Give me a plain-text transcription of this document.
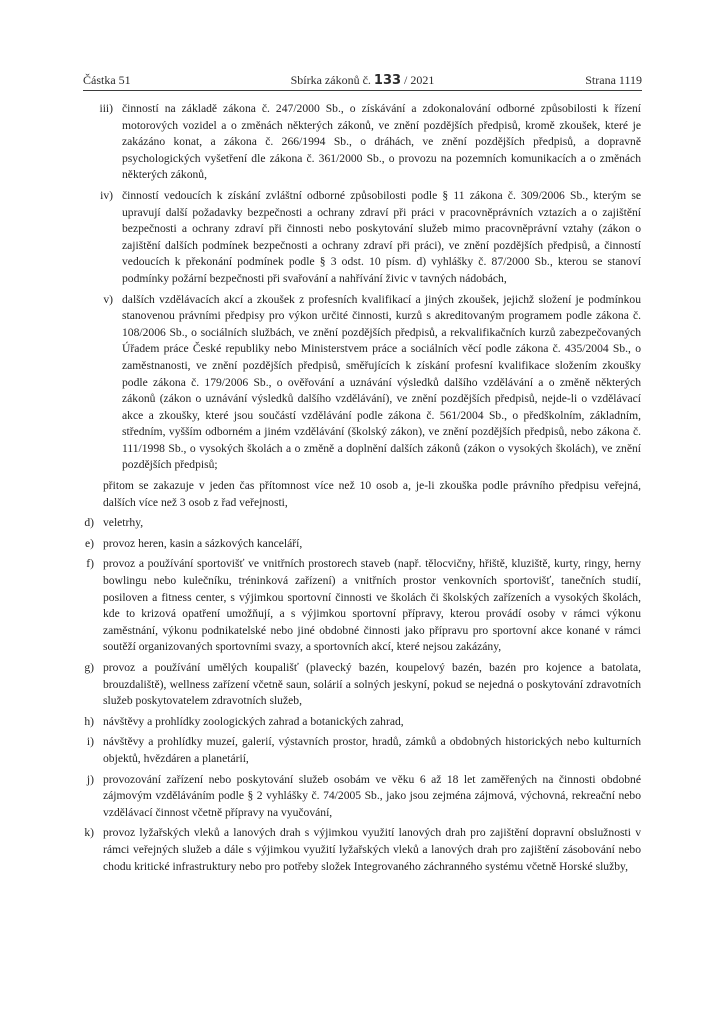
Částka 51	Sbírka zákonů č. 133 / 2021	Strana 1119
iii) činností na základě zákona č. 247/2000 Sb., o získávání a zdokonalování odborné způsobilosti k řízení motorových vozidel a o změnách některých zákonů, ve znění pozdějších předpisů, kromě zkoušek, které je zakázáno konat, a zákona č. 266/1994 Sb., o dráhách, ve znění pozdějších předpisů, a dopravně psychologických vyšetření dle zákona č. 361/2000 Sb., o provozu na pozemních komunikacích a o změnách některých zákonů,
iv) činností vedoucích k získání zvláštní odborné způsobilosti podle § 11 zákona č. 309/2006 Sb., kterým se upravují další požadavky bezpečnosti a ochrany zdraví při práci v pracovněprávních vztazích a o zajištění bezpečnosti a ochrany zdraví při činnosti nebo poskytování služeb mimo pracovněprávní vztahy (zákon o zajištění dalších podmínek bezpečnosti a ochrany zdraví při práci), ve znění pozdějších předpisů, a činností vedoucích k překonání podmínek podle § 3 odst. 10 písm. d) vyhlášky č. 87/2000 Sb., kterou se stanoví podmínky požární bezpečnosti při svařování a nahřívání živic v tavných nádobách,
v) dalších vzdělávacích akcí a zkoušek z profesních kvalifikací a jiných zkoušek, jejichž složení je podmínkou stanovenou právními předpisy pro výkon určité činnosti, kurzů s akreditovaným programem podle zákona č. 108/2006 Sb., o sociálních službách, ve znění pozdějších předpisů, a rekvalifikačních kurzů zabezpečovaných Úřadem práce České republiky nebo Ministerstvem práce a sociálních věcí podle zákona č. 435/2004 Sb., o zaměstnanosti, ve znění pozdějších předpisů, směřujících k získání profesní kvalifikace složením zkoušky podle zákona č. 179/2006 Sb., o ověřování a uznávání výsledků dalšího vzdělávání a o změně některých zákonů (zákon o uznávání výsledků dalšího vzdělávání), ve znění pozdějších předpisů, nejde-li o vzdělávací akce a zkoušky, které jsou součástí vzdělávání podle zákona č. 561/2004 Sb., o předškolním, základním, středním, vyšším odborném a jiném vzdělávání (školský zákon), ve znění pozdějších předpisů, nebo zákona č. 111/1998 Sb., o vysokých školách a o změně a doplnění dalších zákonů (zákon o vysokých školách), ve znění pozdějších předpisů;
přitom se zakazuje v jeden čas přítomnost více než 10 osob a, je-li zkouška podle právního předpisu veřejná, dalších více než 3 osob z řad veřejnosti,
d) veletrhy,
e) provoz heren, kasin a sázkových kanceláří,
f) provoz a používání sportovišť ve vnitřních prostorech staveb (např. tělocvičny, hřiště, kluziště, kurty, ringy, herny bowlingu nebo kulečníku, tréninková zařízení) a vnitřních prostor venkovních sportovišť, tanečních studií, posiloven a fitness center, s výjimkou sportovní činnosti ve školách či školských zařízeních a vysokých školách, kde to krizová opatření umožňují, a s výjimkou sportovní přípravy, kterou provádí osoby v rámci výkonu zaměstnání, výkonu podnikatelské nebo jiné obdobné činnosti jako přípravu pro sportovní akce konané v rámci soutěží organizovaných sportovními svazy, a sportovních akcí, které nejsou zakázány,
g) provoz a používání umělých koupališť (plavecký bazén, koupelový bazén, bazén pro kojence a batolata, brouzdaliště), wellness zařízení včetně saun, solárií a solných jeskyní, pokud se nejedná o poskytování zdravotních služeb poskytovatelem zdravotních služeb,
h) návštěvy a prohlídky zoologických zahrad a botanických zahrad,
i) návštěvy a prohlídky muzeí, galerií, výstavních prostor, hradů, zámků a obdobných historických nebo kulturních objektů, hvězdáren a planetárií,
j) provozování zařízení nebo poskytování služeb osobám ve věku 6 až 18 let zaměřených na činnosti obdobné zájmovým vzděláváním podle § 2 vyhlášky č. 74/2005 Sb., jako jsou zejména zájmová, výchovná, rekreační nebo vzdělávací činnost včetně přípravy na vyučování,
k) provoz lyžařských vleků a lanových drah s výjimkou využití lanových drah pro zajištění dopravní obslužnosti v rámci veřejných služeb a dále s výjimkou využití lyžařských vleků a lanových drah pro zajištění zásobování nebo chodu kritické infrastruktury nebo pro potřeby složek Integrovaného záchranného systému včetně Horské služby,
